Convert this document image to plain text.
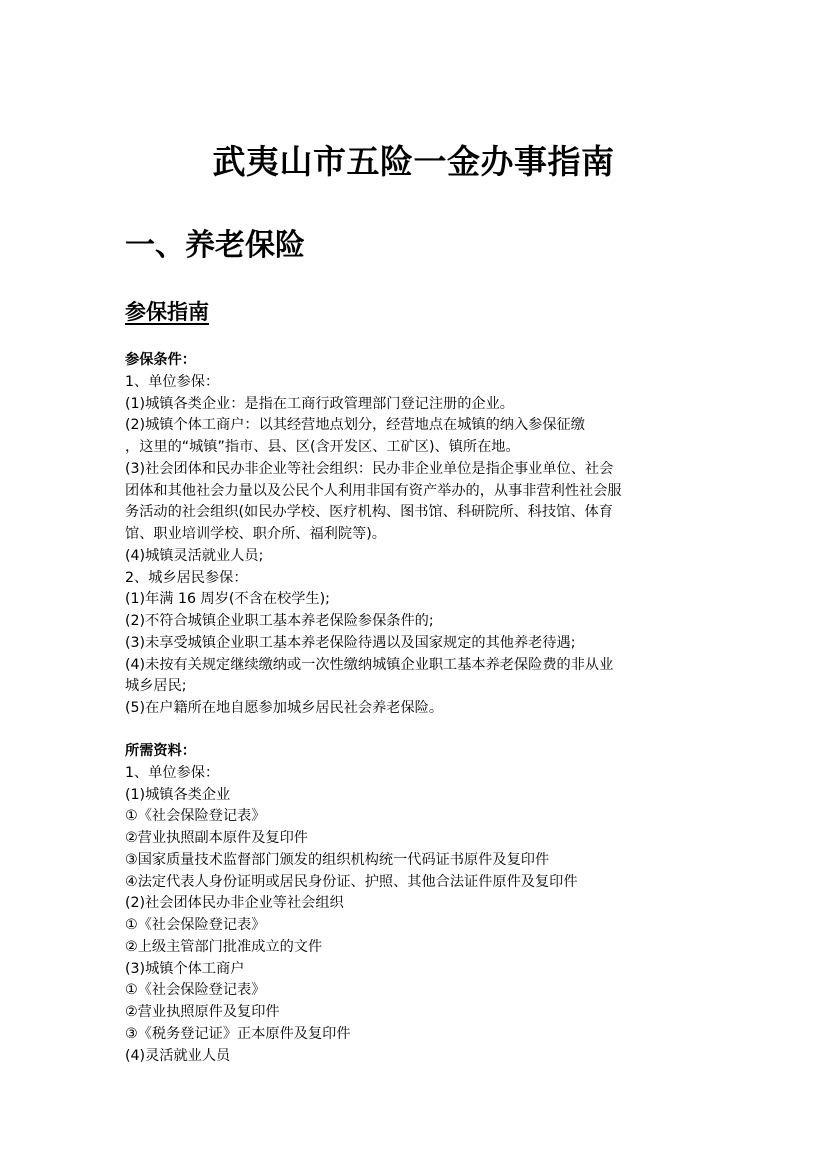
武夷山市五险一金办事指南
一、养老保险
参保指南
参保条件：
1、单位参保：
(1)城镇各类企业：是指在工商行政管理部门登记注册的企业。
(2)城镇个体工商户：以其经营地点划分，经营地点在城镇的纳入参保征缴
，这里的“城镇”指市、县、区(含开发区、工矿区)、镇所在地。
(3)社会团体和民办非企业等社会组织：民办非企业单位是指企事业单位、社会
团体和其他社会力量以及公民个人利用非国有资产举办的，从事非营利性社会服
务活动的社会组织(如民办学校、医疗机构、图书馆、科研院所、科技馆、体育
馆、职业培训学校、职介所、福利院等)。
(4)城镇灵活就业人员;
2、城乡居民参保：
(1)年满 16 周岁(不含在校学生);
(2)不符合城镇企业职工基本养老保险参保条件的;
(3)未享受城镇企业职工基本养老保险待遇以及国家规定的其他养老待遇;
(4)未按有关规定继续缴纳或一次性缴纳城镇企业职工基本养老保险费的非从业
城乡居民;
(5)在户籍所在地自愿参加城乡居民社会养老保险。
所需资料：
1、单位参保：
(1)城镇各类企业
①《社会保险登记表》
②营业执照副本原件及复印件
③国家质量技术监督部门颁发的组织机构统一代码证书原件及复印件
④法定代表人身份证明或居民身份证、护照、其他合法证件原件及复印件
(2)社会团体民办非企业等社会组织
①《社会保险登记表》
②上级主管部门批准成立的文件
(3)城镇个体工商户
①《社会保险登记表》
②营业执照原件及复印件
③《税务登记证》正本原件及复印件
(4)灵活就业人员
